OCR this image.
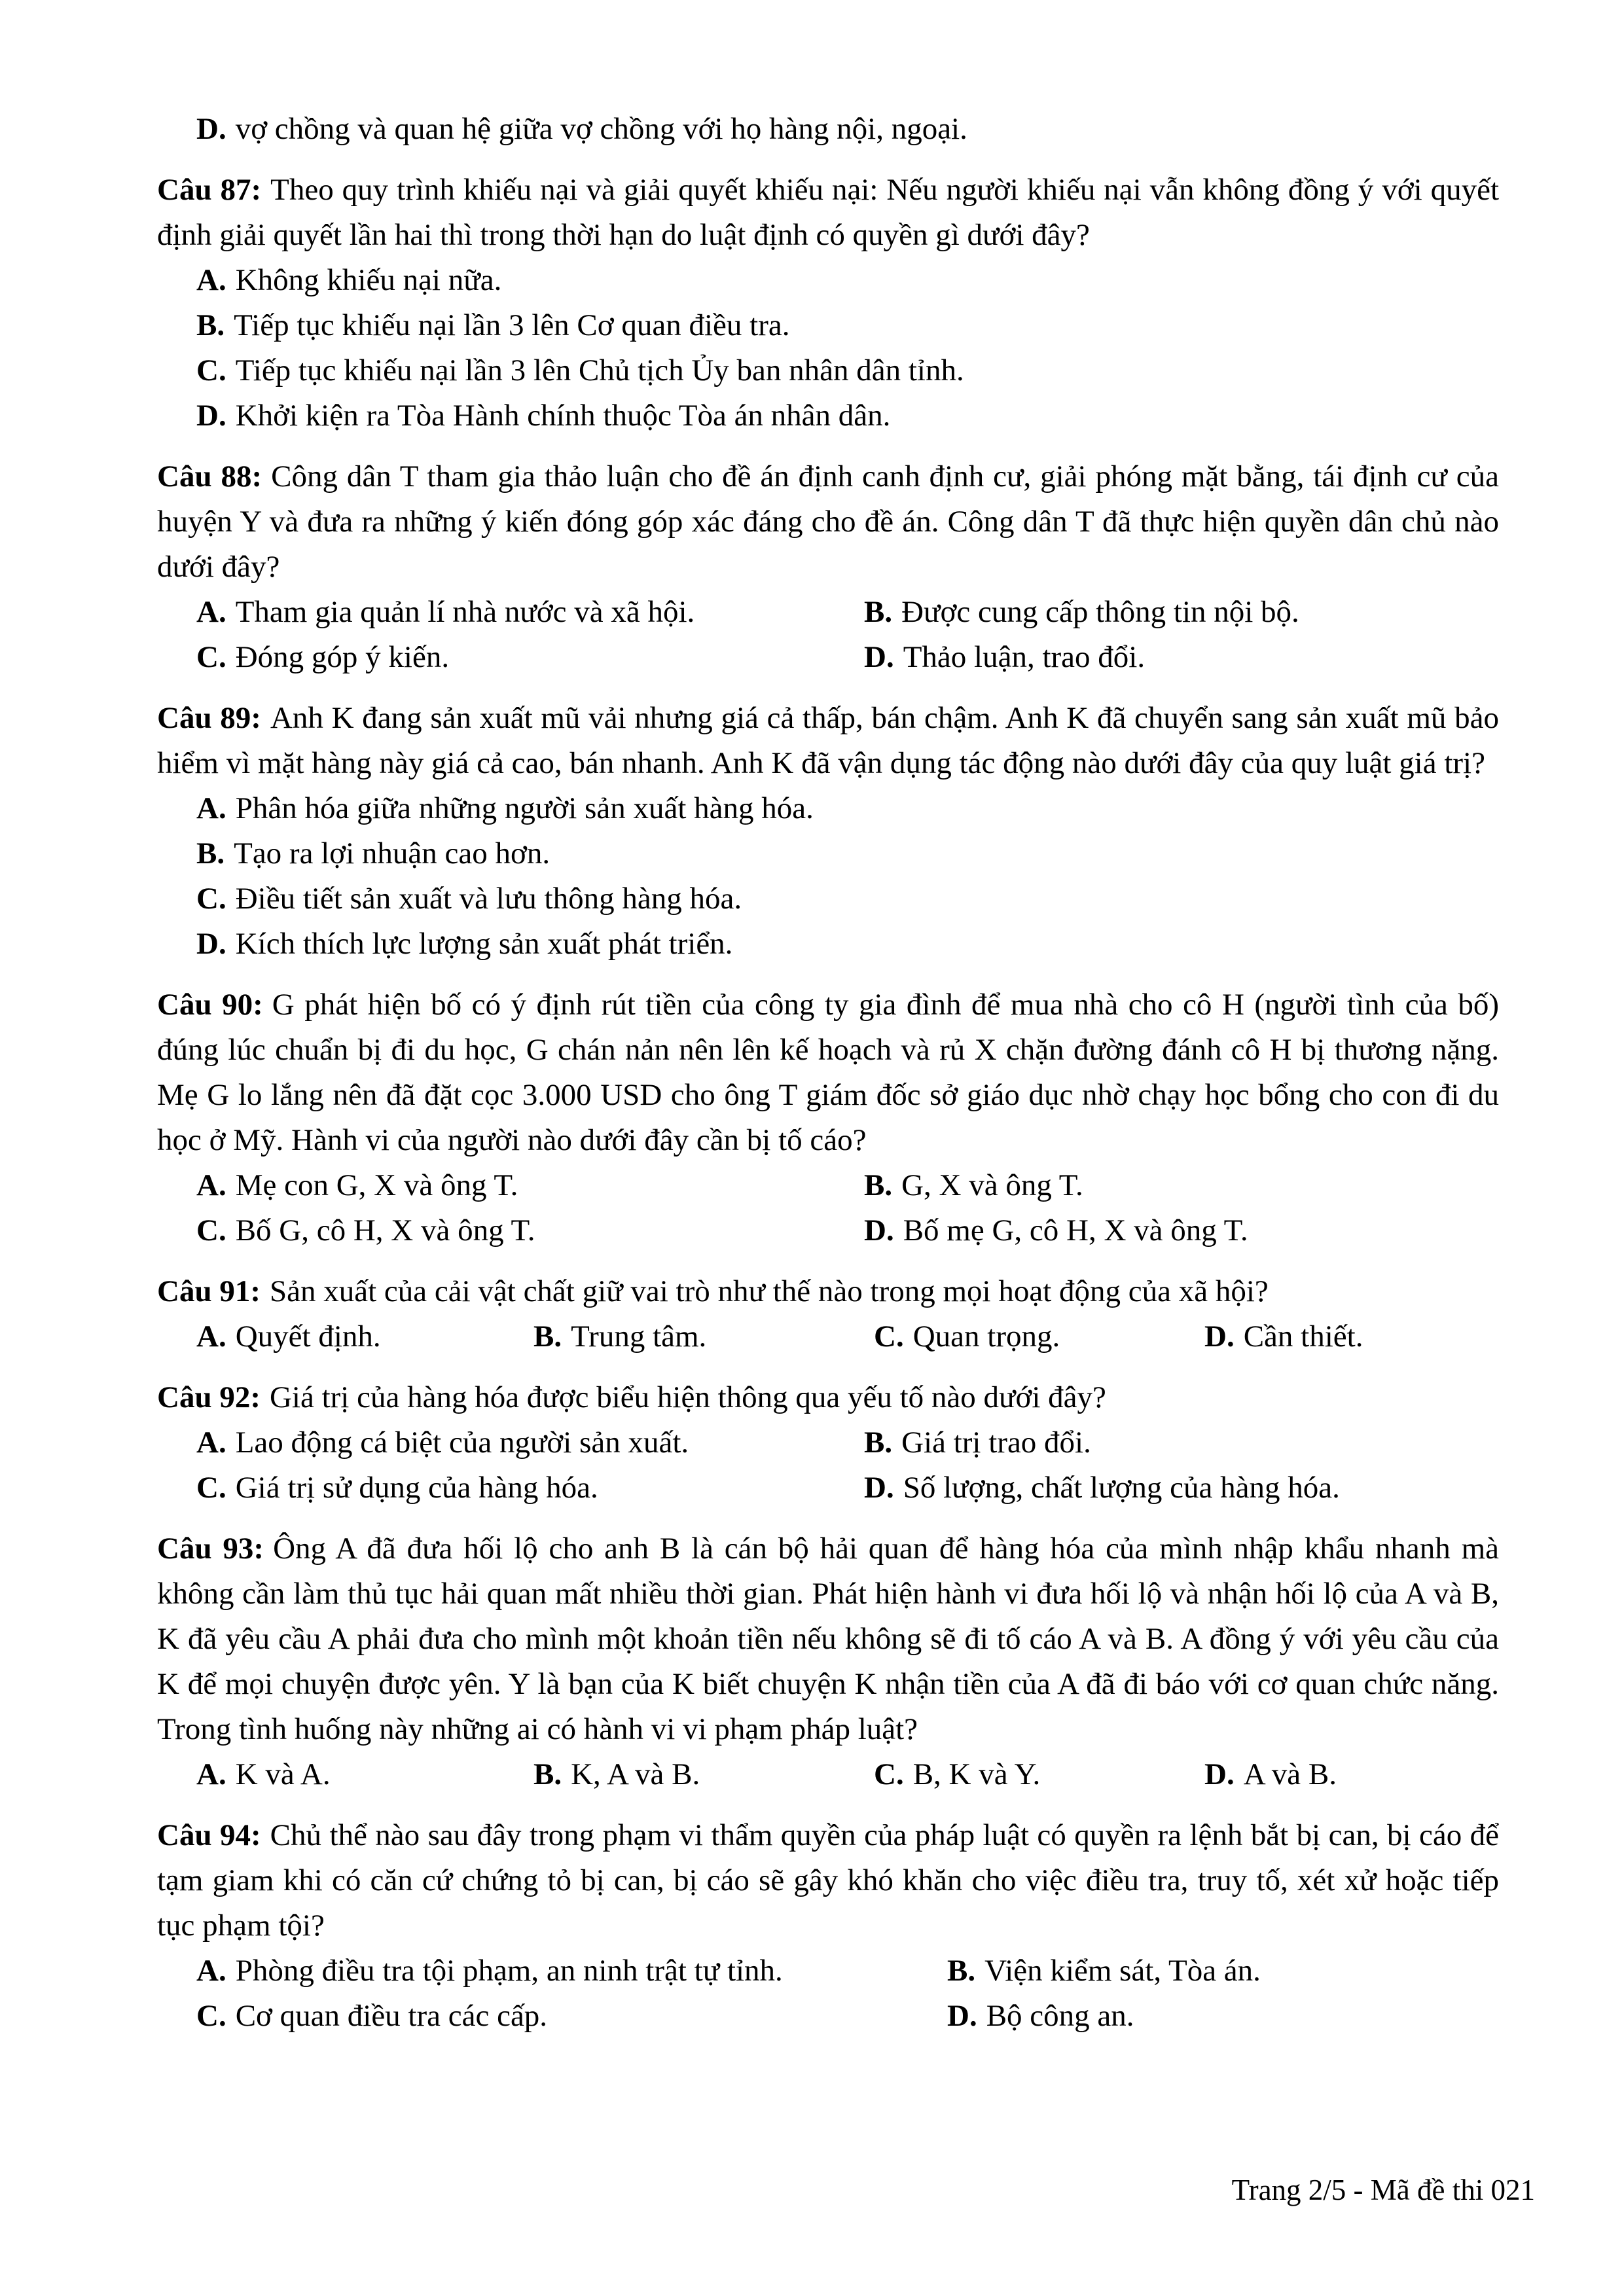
D. vợ chồng và quan hệ giữa vợ chồng với họ hàng nội, ngoại.
Câu 87: Theo quy trình khiếu nại và giải quyết khiếu nại: Nếu người khiếu nại vẫn không đồng ý với quyết định giải quyết lần hai thì trong thời hạn do luật định có quyền gì dưới đây?
A. Không khiếu nại nữa.
B. Tiếp tục khiếu nại lần 3 lên Cơ quan điều tra.
C. Tiếp tục khiếu nại lần 3 lên Chủ tịch Ủy ban nhân dân tỉnh.
D. Khởi kiện ra Tòa Hành chính thuộc Tòa án nhân dân.
Câu 88: Công dân T tham gia thảo luận cho đề án định canh định cư, giải phóng mặt bằng, tái định cư của huyện Y và đưa ra những ý kiến đóng góp xác đáng cho đề án. Công dân T đã thực hiện quyền dân chủ nào dưới đây?
A. Tham gia quản lí nhà nước và xã hội.	B. Được cung cấp thông tin nội bộ.
C. Đóng góp ý kiến.	D. Thảo luận, trao đổi.
Câu 89: Anh K đang sản xuất mũ vải nhưng giá cả thấp, bán chậm. Anh K đã chuyển sang sản xuất mũ bảo hiểm vì mặt hàng này giá cả cao, bán nhanh. Anh K đã vận dụng tác động nào dưới đây của quy luật giá trị?
A. Phân hóa giữa những người sản xuất hàng hóa.
B. Tạo ra lợi nhuận cao hơn.
C. Điều tiết sản xuất và lưu thông hàng hóa.
D. Kích thích lực lượng sản xuất phát triển.
Câu 90: G phát hiện bố có ý định rút tiền của công ty gia đình để mua nhà cho cô H (người tình của bố) đúng lúc chuẩn bị đi du học, G chán nản nên lên kế hoạch và rủ X chặn đường đánh cô H bị thương nặng. Mẹ G lo lắng nên đã đặt cọc 3.000 USD cho ông T giám đốc sở giáo dục nhờ chạy học bổng cho con đi du học ở Mỹ. Hành vi của người nào dưới đây cần bị tố cáo?
A. Mẹ con G, X và ông T.	B. G, X và ông T.
C. Bố G, cô H, X và ông T.	D. Bố mẹ G, cô H, X và ông T.
Câu 91: Sản xuất của cải vật chất giữ vai trò như thế nào trong mọi hoạt động của xã hội?
A. Quyết định.	B. Trung tâm.	C. Quan trọng.	D. Cần thiết.
Câu 92: Giá trị của hàng hóa được biểu hiện thông qua yếu tố nào dưới đây?
A. Lao động cá biệt của người sản xuất.	B. Giá trị trao đổi.
C. Giá trị sử dụng của hàng hóa.	D. Số lượng, chất lượng của hàng hóa.
Câu 93: Ông A đã đưa hối lộ cho anh B là cán bộ hải quan để hàng hóa của mình nhập khẩu nhanh mà không cần làm thủ tục hải quan mất nhiều thời gian. Phát hiện hành vi đưa hối lộ và nhận hối lộ của A và B, K đã yêu cầu A phải đưa cho mình một khoản tiền nếu không sẽ đi tố cáo A và B. A đồng ý với yêu cầu của K để mọi chuyện được yên. Y là bạn của K biết chuyện K nhận tiền của A đã đi báo với cơ quan chức năng. Trong tình huống này những ai có hành vi vi phạm pháp luật?
A. K và A.	B. K, A và B.	C. B, K và Y.	D. A và B.
Câu 94: Chủ thể nào sau đây trong phạm vi thẩm quyền của pháp luật có quyền ra lệnh bắt bị can, bị cáo để tạm giam khi có căn cứ chứng tỏ bị can, bị cáo sẽ gây khó khăn cho việc điều tra, truy tố, xét xử hoặc tiếp tục phạm tội?
A. Phòng điều tra tội phạm, an ninh trật tự tỉnh.	B. Viện kiểm sát, Tòa án.
C. Cơ quan điều tra các cấp.	D. Bộ công an.
Trang 2/5 - Mã đề thi 021
